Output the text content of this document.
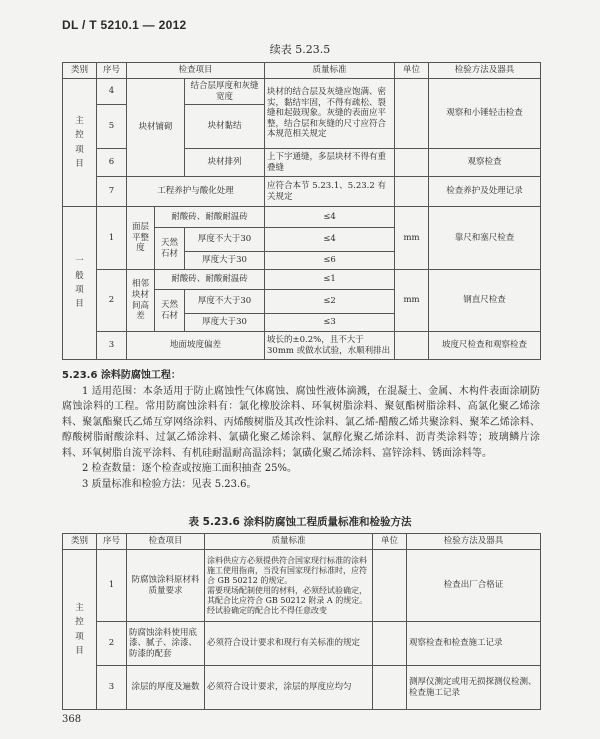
DL / T 5210.1 — 2012
续表 5.23.5
类别	序号	检查项目			质量标准	单位	检验方法及器具
主控项目	4	块材铺砌		结合层厚度和灰缝宽度	块材的结合层及灰缝应饱满、密实，黏结牢固，不得有疏松、裂缝和起鼓现象。灰缝的表面应平整，结合层和灰缝的尺寸应符合本规范相关规定		观察和小锤轻击检查
	5			块材黏结			
	6			块材排列	上下宇通缝，多层块材不得有重叠缝		观察检查
	7	工程养护与酸化处理			应符合本节 5.23.1、5.23.2 有关规定		检查养护及处理记录
一般项目	1	面层平整度	耐酸砖、耐酸耐温砖		≤4	mm	靠尺和塞尺检查
			天然石材	厚度不大于30	≤4		
				厚度大于30	≤6		
	2	相邻块材间高差	耐酸砖、耐酸耐温砖		≤1	mm	钢直尺检查
			天然石材	厚度不大于30	≤2		
				厚度大于30	≤3		
	3	地面坡度偏差			坡长的±0.2%，且不大于 30mm 或做水试验，水顺利排出		坡度尺检查和观察检查

5.23.6 涂料防腐蚀工程：

1 适用范围：本条适用于防止腐蚀性气体腐蚀、腐蚀性液体滴溅，在混凝土、金属、木构件表面涂刷防腐蚀涂料的工程。常用防腐蚀涂料有：氯化橡胶涂料、环氧树脂涂料、聚氨酯树脂涂料、高氯化聚乙烯涂料、聚氯酯聚氏乙烯互穿网络涂料、丙烯酸树脂及其改性涂料、氯乙烯-醋酸乙烯共聚涂料、聚苯乙烯涂料、醇酸树脂耐酸涂料、过氯乙烯涂料、氯磺化聚乙烯涂料、氯醇化聚乙烯涂料、沥青类涂料等；玻璃鳞片涂料、环氧树脂自流平涂料、有机硅耐温耐高温涂料；氯磺化聚乙烯涂料、富锌涂料、锈面涂料等。

2 检查数量：逐个检查或按施工面积抽查 25%。

3 质量标准和检验方法：见表 5.23.6。

表 5.23.6 涂料防腐蚀工程质量标准和检验方法
类别	序号	检查项目	质量标准	单位	检验方法及器具
主控项目	1	防腐蚀涂料原材料质量要求	涂料供应方必须提供符合国家现行标准的涂料施工使用指南，当没有国家现行标准时，应符合 GB 50212 的规定。
需要现场配制使用的材料，必须经试验确定，其配合比应符合 GB 50212 附录 A 的规定。经试验确定的配合比不得任意改变		检查出厂合格证
	2	防腐蚀涂料使用底漆、腻子、涂漆、防漆的配套	必须符合设计要求和现行有关标准的规定		观察检查和检查施工记录
	3	涂层的厚度及遍数	必须符合设计要求，涂层的厚度应均匀		测厚仪测定或用无损探测仪检测、检查施工记录
368
